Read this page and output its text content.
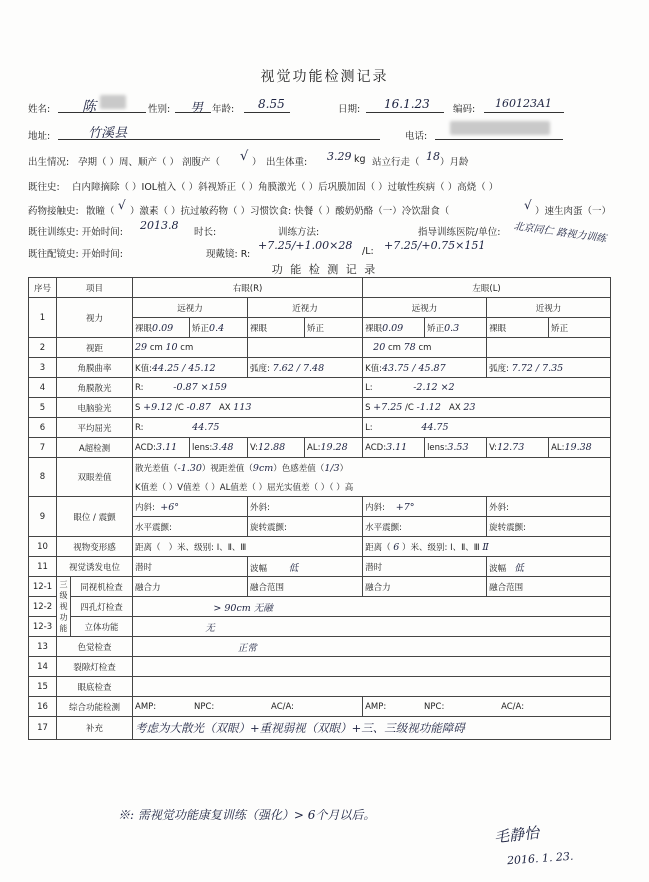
视觉功能检测记录
姓名: 陈	性别: 男 年龄: 8.55	日期: 16.1.23 编码: 160123A1
地址:	竹溪县	电话:
出生情况: 孕期（ ）周、顺产（ ） 剖腹产（ √ ） 出生体重: 3.29 kg 站立行走（ 18 ）月龄
既往史: 白内障摘除（ ）IOL植入（ ）斜视矫正（ ）角膜激光（ ）后巩膜加固（ ）过敏性疾病（ ）高烧（ ）
药物接触史: 散瞳（ √ ）激素（ ）抗过敏药物（ ）习惯饮食: 快餐（ ）酸奶奶酪（一）冷饮甜食（	√ ）速生肉蛋（一）
既往训练史: 开始时间:
2013.8
时长:	训练方法:	指导训练医院/单位: 北京同仁 路视力训练
既往配镜史: 开始时间:	现戴镜: R:
+7.25/+1.00×28 /L: +7.25/+0.75×151
功 能 检 测 记 录
序号	项目		右眼(R)				左眼(L)			
1	视力		远视力		近视力		远视力		近视力	
			裸眼0.09	矫正0.4	裸眼	矫正	裸眼0.09	矫正0.3	裸眼	矫正
2	视距		29 cm 10 cm				20 cm 78 cm			
3	角膜曲率		K值:44.25 / 45.12		弧度: 7.62 / 7.48		K值:43.75 / 45.87		弧度: 7.72 / 7.35	
4	角膜散光		R: -0.87 ×159				L: -2.12 ×2			
5	电脑验光		S +9.12 /C -0.87 AX 113				S +7.25 /C -1.12 AX 23			
6	平均屈光		R: 44.75				L: 44.75			
7	A超检测		ACD:3.11	lens:3.48	V:12.88	AL:19.28	ACD:3.11	lens:3.53	V:12.73	AL:19.38
8	双眼差值		散光差值（-1.30）视距差值（9cm）色感差值（1/3）							
			K值差（ ）V值差（ ）AL值差（ ）屈光实值差（ ）（ ）高							
9	眼位 / 震颤		内斜: +6°		外斜:		内斜: +7°		外斜:	
			水平震颤:		旋转震颤:		水平震颤:		旋转震颤:	
10	视物变形感		距离（ ）米、级别: Ⅰ、Ⅱ、Ⅲ				距离（ 6 ）米、级别: Ⅰ、Ⅱ、Ⅲ Ⅱ			
11	视觉诱发电位		潜时		波幅 低		潜时		波幅 低	
12-1	三级视功能	同视机检查	融合力		融合范围		融合力		融合范围	
12-2		四孔灯检查	> 90cm 无融							
12-3		立体功能	无							
13	色觉检查		正常							
14	裂隙灯检查									
15	眼底检查									
16	综合功能检测		AMP: NPC: AC/A:				AMP: NPC: AC/A:			
17	补充		考虑为大散光（双眼）+重视弱视（双眼）+三、三级视功能障碍							
※: 需视觉功能康复训练（强化）> 6个月以后。
毛静怡
2016. 1. 23.
